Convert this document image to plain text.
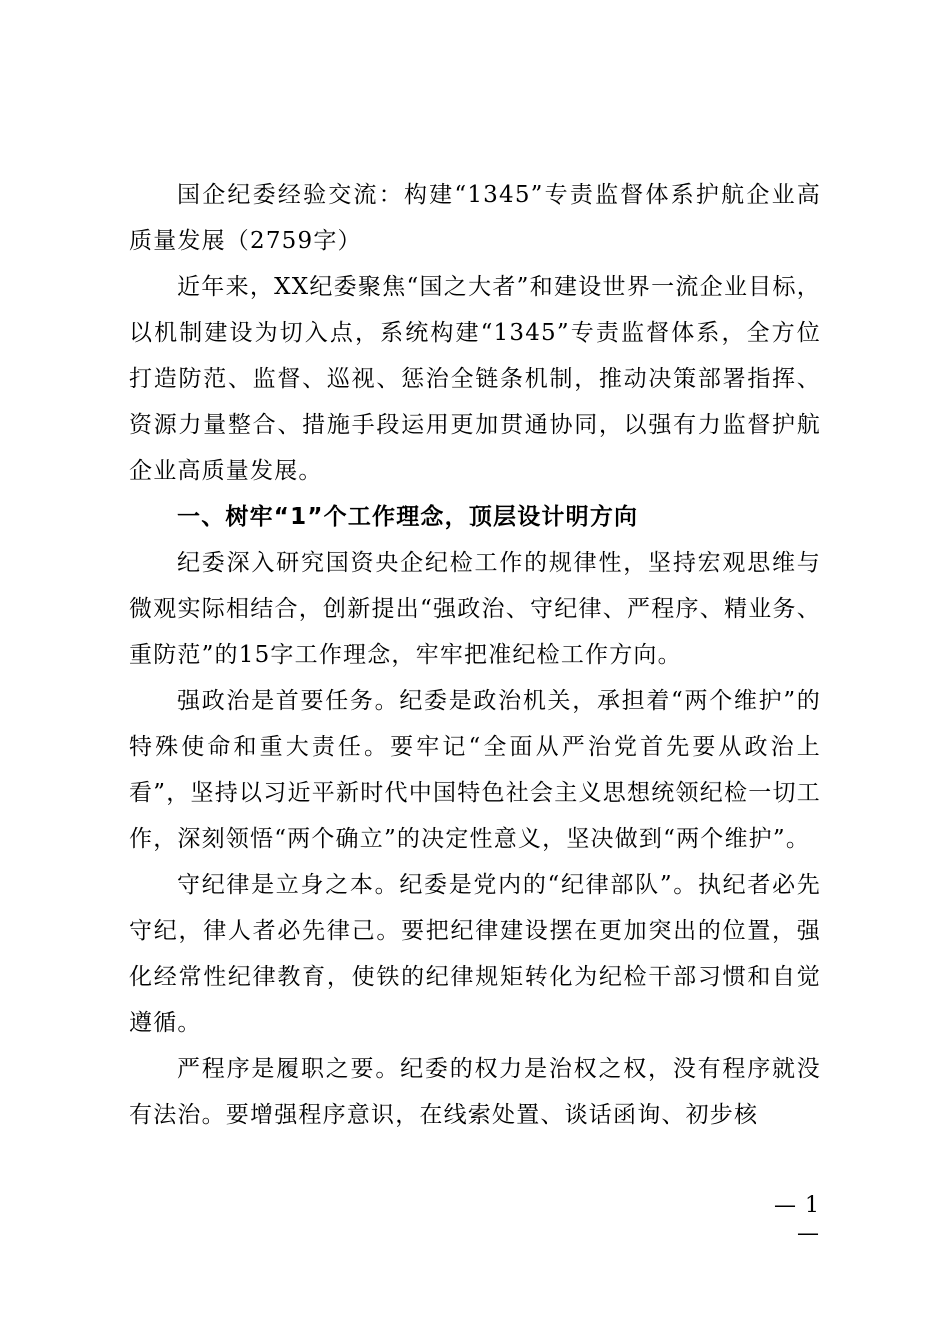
国企纪委经验交流：构建“1345”专责监督体系护航企业高质量发展（2759字）

近年来，XX纪委聚焦“国之大者”和建设世界一流企业目标，以机制建设为切入点，系统构建“1345”专责监督体系，全方位打造防范、监督、巡视、惩治全链条机制，推动决策部署指挥、资源力量整合、措施手段运用更加贯通协同，以强有力监督护航企业高质量发展。

一、树牢“1”个工作理念，顶层设计明方向

纪委深入研究国资央企纪检工作的规律性，坚持宏观思维与微观实际相结合，创新提出“强政治、守纪律、严程序、精业务、重防范”的15字工作理念，牢牢把准纪检工作方向。

强政治是首要任务。纪委是政治机关，承担着“两个维护”的特殊使命和重大责任。要牢记“全面从严治党首先要从政治上看”，坚持以习近平新时代中国特色社会主义思想统领纪检一切工作，深刻领悟“两个确立”的决定性意义，坚决做到“两个维护”。

守纪律是立身之本。纪委是党内的“纪律部队”。执纪者必先守纪，律人者必先律己。要把纪律建设摆在更加突出的位置，强化经常性纪律教育，使铁的纪律规矩转化为纪检干部习惯和自觉遵循。

严程序是履职之要。纪委的权力是治权之权，没有程序就没有法治。要增强程序意识，在线索处置、谈话函询、初步核

— 1 —
